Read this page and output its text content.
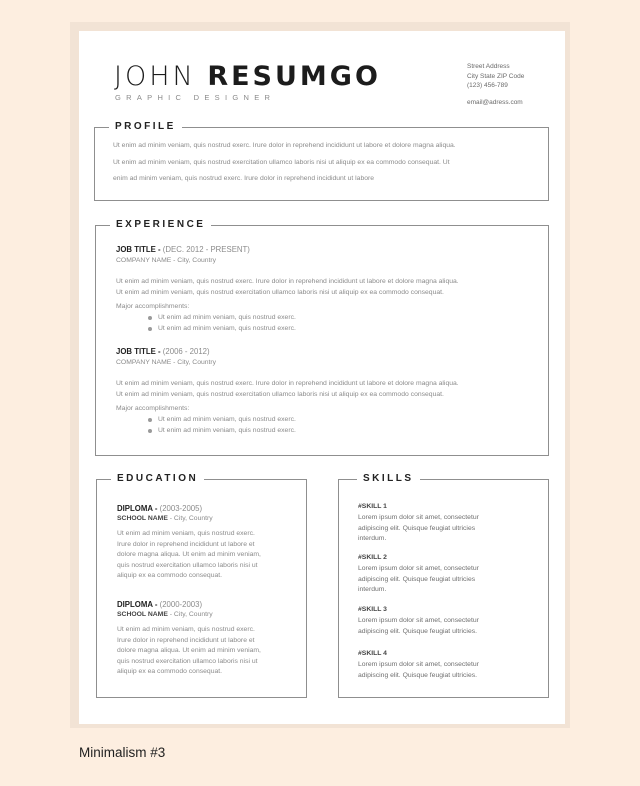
JOHN RESUMGO
GRAPHIC DESIGNER
Street Address
City State ZIP Code
(123) 456-789
email@adress.com
PROFILE
Ut enim ad minim veniam, quis nostrud exerc. Irure dolor in reprehend incididunt ut labore et dolore magna aliqua.
Ut enim ad minim veniam, quis nostrud exercitation ullamco laboris nisi ut aliquip ex ea commodo consequat. Ut
enim ad minim veniam, quis nostrud exerc. Irure dolor in reprehend incididunt ut labore
EXPERIENCE
JOB TITLE - (DEC. 2012 - PRESENT)
COMPANY NAME - City, Country
Ut enim ad minim veniam, quis nostrud exerc. Irure dolor in reprehend incididunt ut labore et dolore magna aliqua.
Ut enim ad minim veniam, quis nostrud exercitation ullamco laboris nisi ut aliquip ex ea commodo consequat.
Major accomplishments:
Ut enim ad minim veniam, quis nostrud exerc.
Ut enim ad minim veniam, quis nostrud exerc.
JOB TITLE - (2006 - 2012)
COMPANY NAME - City, Country
Ut enim ad minim veniam, quis nostrud exerc. Irure dolor in reprehend incididunt ut labore et dolore magna aliqua.
Ut enim ad minim veniam, quis nostrud exercitation ullamco laboris nisi ut aliquip ex ea commodo consequat.
Major accomplishments:
Ut enim ad minim veniam, quis nostrud exerc.
Ut enim ad minim veniam, quis nostrud exerc.
EDUCATION
DIPLOMA - (2003-2005)
SCHOOL NAME - City, Country
Ut enim ad minim veniam, quis nostrud exerc.
Irure dolor in reprehend incididunt ut labore et
dolore magna aliqua. Ut enim ad minim veniam,
quis nostrud exercitation ullamco laboris nisi ut
aliquip ex ea commodo consequat.
DIPLOMA - (2000-2003)
SCHOOL NAME - City, Country
Ut enim ad minim veniam, quis nostrud exerc.
Irure dolor in reprehend incididunt ut labore et
dolore magna aliqua. Ut enim ad minim veniam,
quis nostrud exercitation ullamco laboris nisi ut
aliquip ex ea commodo consequat.
SKILLS
#SKILL 1
Lorem ipsum dolor sit amet, consectetur
adipiscing elit. Quisque feugiat ultricies
interdum.
#SKILL 2
Lorem ipsum dolor sit amet, consectetur
adipiscing elit. Quisque feugiat ultricies
interdum.
#SKILL 3
Lorem ipsum dolor sit amet, consectetur
adipiscing elit. Quisque feugiat ultricies.
#SKILL 4
Lorem ipsum dolor sit amet, consectetur
adipiscing elit. Quisque feugiat ultricies.
Minimalism #3
